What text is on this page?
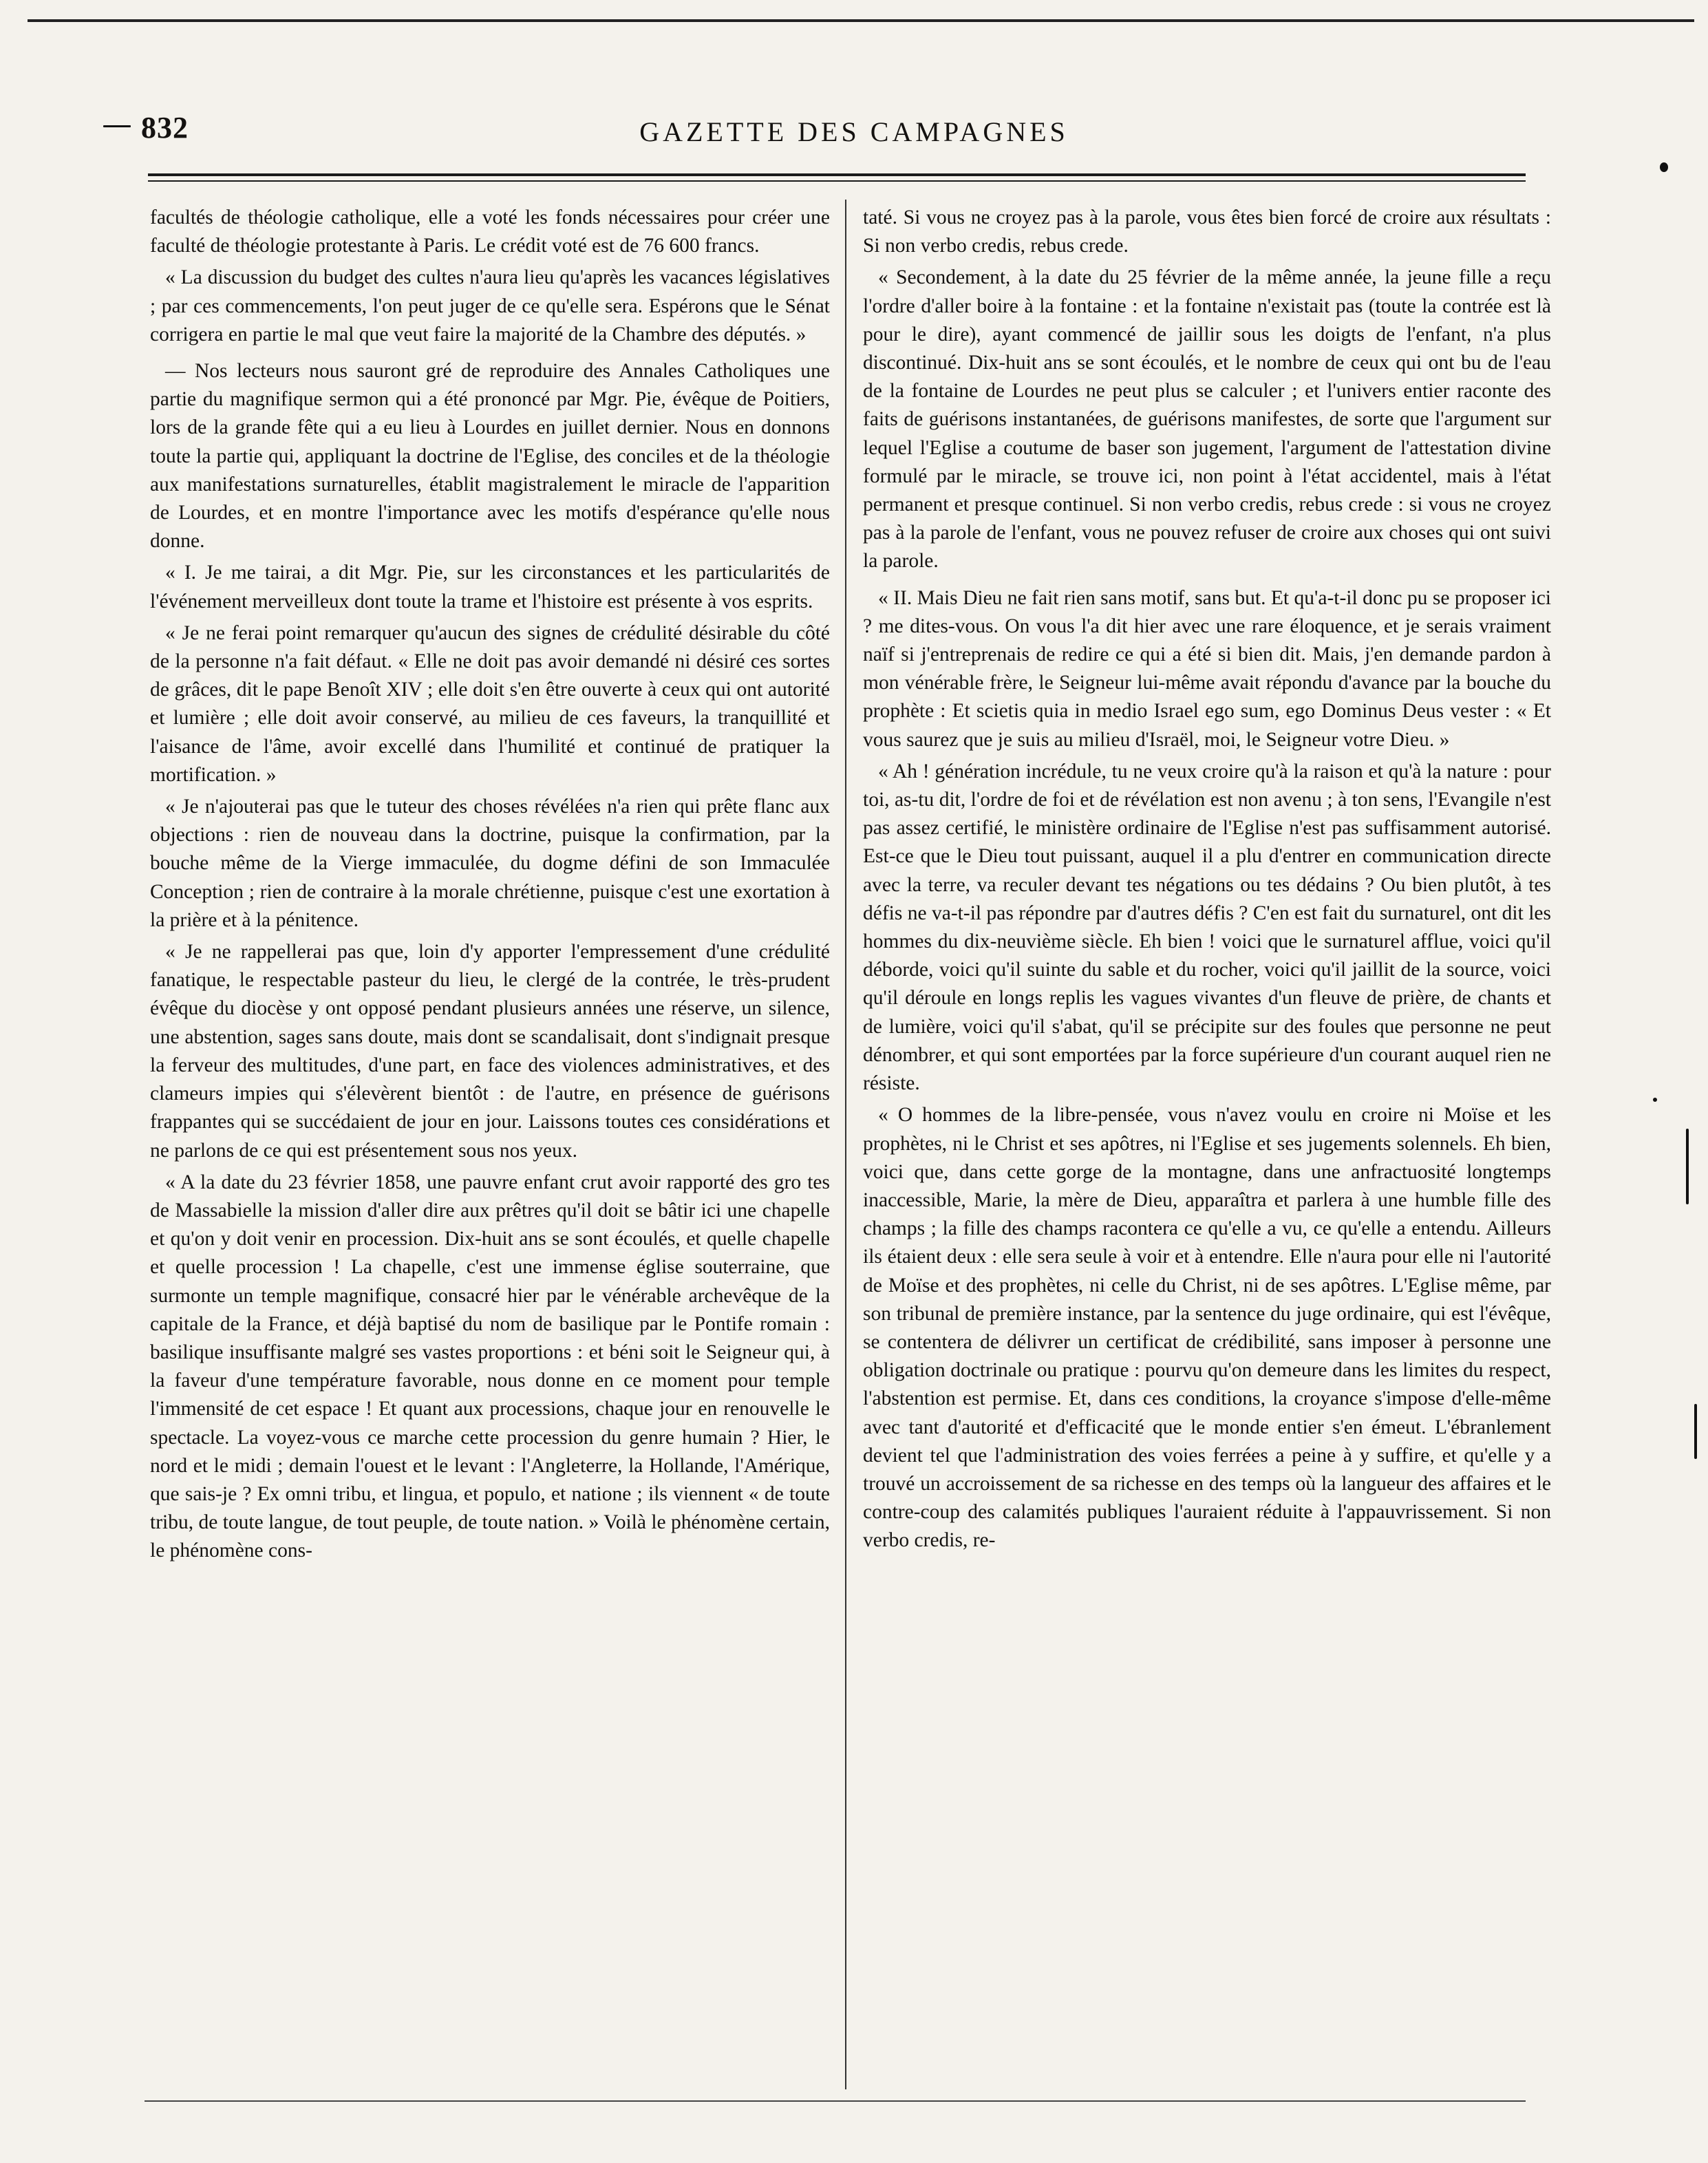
832	GAZETTE DES CAMPAGNES

facultés de théologie catholique, elle a voté les fonds nécessaires pour créer une faculté de théologie protestante à Paris. Le crédit voté est de 76 600 francs.

« La discussion du budget des cultes n'aura lieu qu'après les vacances législatives ; par ces commencements, l'on peut juger de ce qu'elle sera. Espérons que le Sénat corrigera en partie le mal que veut faire la majorité de la Chambre des députés. »

— Nos lecteurs nous sauront gré de reproduire des Annales Catholiques une partie du magnifique sermon qui a été prononcé par Mgr. Pie, évêque de Poitiers, lors de la grande fête qui a eu lieu à Lourdes en juillet dernier. Nous en donnons toute la partie qui, appliquant la doctrine de l'Eglise, des conciles et de la théologie aux manifestations surnaturelles, établit magistralement le miracle de l'apparition de Lourdes, et en montre l'importance avec les motifs d'espérance qu'elle nous donne.

« I. Je me tairai, a dit Mgr. Pie, sur les circonstances et les particularités de l'événement merveilleux dont toute la trame et l'histoire est présente à vos esprits.

« Je ne ferai point remarquer qu'aucun des signes de crédulité désirable du côté de la personne n'a fait défaut. « Elle ne doit pas avoir demandé ni désiré ces sortes de grâces, dit le pape Benoît XIV ; elle doit s'en être ouverte à ceux qui ont autorité et lumière ; elle doit avoir conservé, au milieu de ces faveurs, la tranquillité et l'aisance de l'âme, avoir excellé dans l'humilité et continué de pratiquer la mortification. »

« Je n'ajouterai pas que le tuteur des choses révélées n'a rien qui prête flanc aux objections : rien de nouveau dans la doctrine, puisque la confirmation, par la bouche même de la Vierge immaculée, du dogme défini de son Immaculée Conception ; rien de contraire à la morale chrétienne, puisque c'est une exortation à la prière et à la pénitence.

« Je ne rappellerai pas que, loin d'y apporter l'empressement d'une crédulité fanatique, le respectable pasteur du lieu, le clergé de la contrée, le très-prudent évêque du diocèse y ont opposé pendant plusieurs années une réserve, un silence, une abstention, sages sans doute, mais dont se scandalisait, dont s'indignait presque la ferveur des multitudes, d'une part, en face des violences administratives, et des clameurs impies qui s'élevèrent bientôt : de l'autre, en présence de guérisons frappantes qui se succédaient de jour en jour. Laissons toutes ces considérations et ne parlons de ce qui est présentement sous nos yeux.

« A la date du 23 février 1858, une pauvre enfant crut avoir rapporté des gro tes de Massabielle la mission d'aller dire aux prêtres qu'il doit se bâtir ici une chapelle et qu'on y doit venir en procession. Dix-huit ans se sont écoulés, et quelle chapelle et quelle procession ! La chapelle, c'est une immense église souterraine, que surmonte un temple magnifique, consacré hier par le vénérable archevêque de la capitale de la France, et déjà baptisé du nom de basilique par le Pontife romain : basilique insuffisante malgré ses vastes proportions : et béni soit le Seigneur qui, à la faveur d'une température favorable, nous donne en ce moment pour temple l'immensité de cet espace ! Et quant aux processions, chaque jour en renouvelle le spectacle. La voyez-vous ce marche cette procession du genre humain ? Hier, le nord et le midi ; demain l'ouest et le levant : l'Angleterre, la Hollande, l'Amérique, que sais-je ? Ex omni tribu, et lingua, et populo, et natione ; ils viennent « de toute tribu, de toute langue, de tout peuple, de toute nation. » Voilà le phénomène certain, le phénomène cons-

taté. Si vous ne croyez pas à la parole, vous êtes bien forcé de croire aux résultats : Si non verbo credis, rebus crede.

« Secondement, à la date du 25 février de la même année, la jeune fille a reçu l'ordre d'aller boire à la fontaine : et la fontaine n'existait pas (toute la contrée est là pour le dire), ayant commencé de jaillir sous les doigts de l'enfant, n'a plus discontinué. Dix-huit ans se sont écoulés, et le nombre de ceux qui ont bu de l'eau de la fontaine de Lourdes ne peut plus se calculer ; et l'univers entier raconte des faits de guérisons instantanées, de guérisons manifestes, de sorte que l'argument sur lequel l'Eglise a coutume de baser son jugement, l'argument de l'attestation divine formulé par le miracle, se trouve ici, non point à l'état accidentel, mais à l'état permanent et presque continuel. Si non verbo credis, rebus crede : si vous ne croyez pas à la parole de l'enfant, vous ne pouvez refuser de croire aux choses qui ont suivi la parole.

« II. Mais Dieu ne fait rien sans motif, sans but. Et qu'a-t-il donc pu se proposer ici ? me dites-vous. On vous l'a dit hier avec une rare éloquence, et je serais vraiment naïf si j'entreprenais de redire ce qui a été si bien dit. Mais, j'en demande pardon à mon vénérable frère, le Seigneur lui-même avait répondu d'avance par la bouche du prophète : Et scietis quia in medio Israel ego sum, ego Dominus Deus vester : « Et vous saurez que je suis au milieu d'Israël, moi, le Seigneur votre Dieu. »

« Ah ! génération incrédule, tu ne veux croire qu'à la raison et qu'à la nature : pour toi, as-tu dit, l'ordre de foi et de révélation est non avenu ; à ton sens, l'Evangile n'est pas assez certifié, le ministère ordinaire de l'Eglise n'est pas suffisamment autorisé. Est-ce que le Dieu tout puissant, auquel il a plu d'entrer en communication directe avec la terre, va reculer devant tes négations ou tes dédains ? Ou bien plutôt, à tes défis ne va-t-il pas répondre par d'autres défis ? C'en est fait du surnaturel, ont dit les hommes du dix-neuvième siècle. Eh bien ! voici que le surnaturel afflue, voici qu'il déborde, voici qu'il suinte du sable et du rocher, voici qu'il jaillit de la source, voici qu'il déroule en longs replis les vagues vivantes d'un fleuve de prière, de chants et de lumière, voici qu'il s'abat, qu'il se précipite sur des foules que personne ne peut dénombrer, et qui sont emportées par la force supérieure d'un courant auquel rien ne résiste.

« O hommes de la libre-pensée, vous n'avez voulu en croire ni Moïse et les prophètes, ni le Christ et ses apôtres, ni l'Eglise et ses jugements solennels. Eh bien, voici que, dans cette gorge de la montagne, dans une anfractuosité longtemps inaccessible, Marie, la mère de Dieu, apparaîtra et parlera à une humble fille des champs ; la fille des champs racontera ce qu'elle a vu, ce qu'elle a entendu. Ailleurs ils étaient deux : elle sera seule à voir et à entendre. Elle n'aura pour elle ni l'autorité de Moïse et des prophètes, ni celle du Christ, ni de ses apôtres. L'Eglise même, par son tribunal de première instance, par la sentence du juge ordinaire, qui est l'évêque, se contentera de délivrer un certificat de crédibilité, sans imposer à personne une obligation doctrinale ou pratique : pourvu qu'on demeure dans les limites du respect, l'abstention est permise. Et, dans ces conditions, la croyance s'impose d'elle-même avec tant d'autorité et d'efficacité que le monde entier s'en émeut. L'ébranlement devient tel que l'administration des voies ferrées a peine à y suffire, et qu'elle y a trouvé un accroissement de sa richesse en des temps où la langueur des affaires et le contre-coup des calamités publiques l'auraient réduite à l'appauvrissement. Si non verbo credis, re-
